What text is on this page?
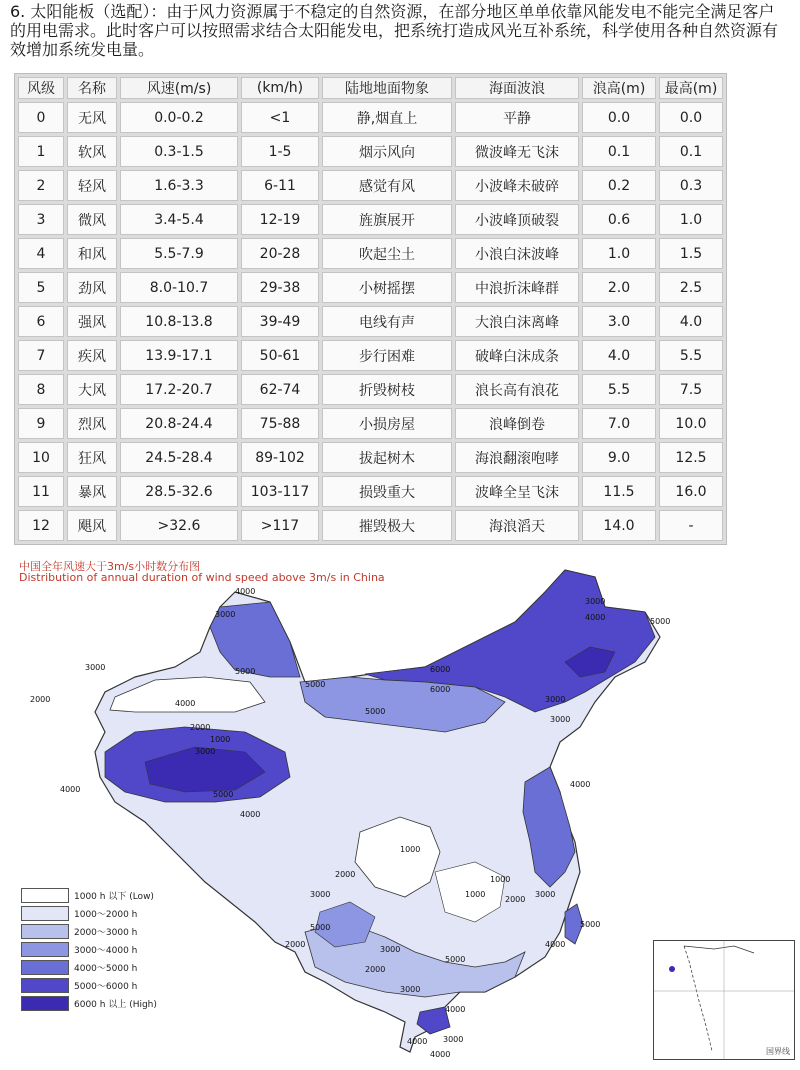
6. 太阳能板（选配）：由于风力资源属于不稳定的自然资源，在部分地区单单依靠风能发电不能完全满足客户的用电需求。此时客户可以按照需求结合太阳能发电，把系统打造成风光互补系统，科学使用各种自然资源有效增加系统发电量。
风级	名称	风速(m/s)	(km/h)	陆地地面物象	海面波浪	浪高(m)	最高(m)
0	无风	0.0-0.2	<1	静,烟直上	平静	0.0	0.0
1	软风	0.3-1.5	1-5	烟示风向	微波峰无飞沫	0.1	0.1
2	轻风	1.6-3.3	6-11	感觉有风	小波峰未破碎	0.2	0.3
3	微风	3.4-5.4	12-19	旌旗展开	小波峰顶破裂	0.6	1.0
4	和风	5.5-7.9	20-28	吹起尘土	小浪白沫波峰	1.0	1.5
5	劲风	8.0-10.7	29-38	小树摇摆	中浪折沫峰群	2.0	2.5
6	强风	10.8-13.8	39-49	电线有声	大浪白沫离峰	3.0	4.0
7	疾风	13.9-17.1	50-61	步行困难	破峰白沫成条	4.0	5.5
8	大风	17.2-20.7	62-74	折毁树枝	浪长高有浪花	5.5	7.5
9	烈风	20.8-24.4	75-88	小损房屋	浪峰倒卷	7.0	10.0
10	狂风	24.5-28.4	89-102	拔起树木	海浪翻滚咆哮	9.0	12.5
11	暴风	28.5-32.6	103-117	损毁重大	波峰全呈飞沫	11.5	16.0
12	飓风	>32.6	>117	摧毁极大	海浪滔天	14.0	-
中国全年风速大于3m/s小时数分布图
Distribution of annual duration of wind speed above 3m/s in China
4000
3000
3000
4000	5000
6000
5000
4000
3000
2000
1000
2000
3000
4000
5000
4000
3000
3000
4000
5000
5000
6000
3000
2000
1000
1000
1000
2000
3000
4000
5000
5000
4000
3000
2000
3000
2000
5000
4000 3000
4000
1000 h 以下 (Low)
1000～2000 h
2000～3000 h
3000～4000 h
4000～5000 h
5000～6000 h
6000 h 以上 (High)
国界线
